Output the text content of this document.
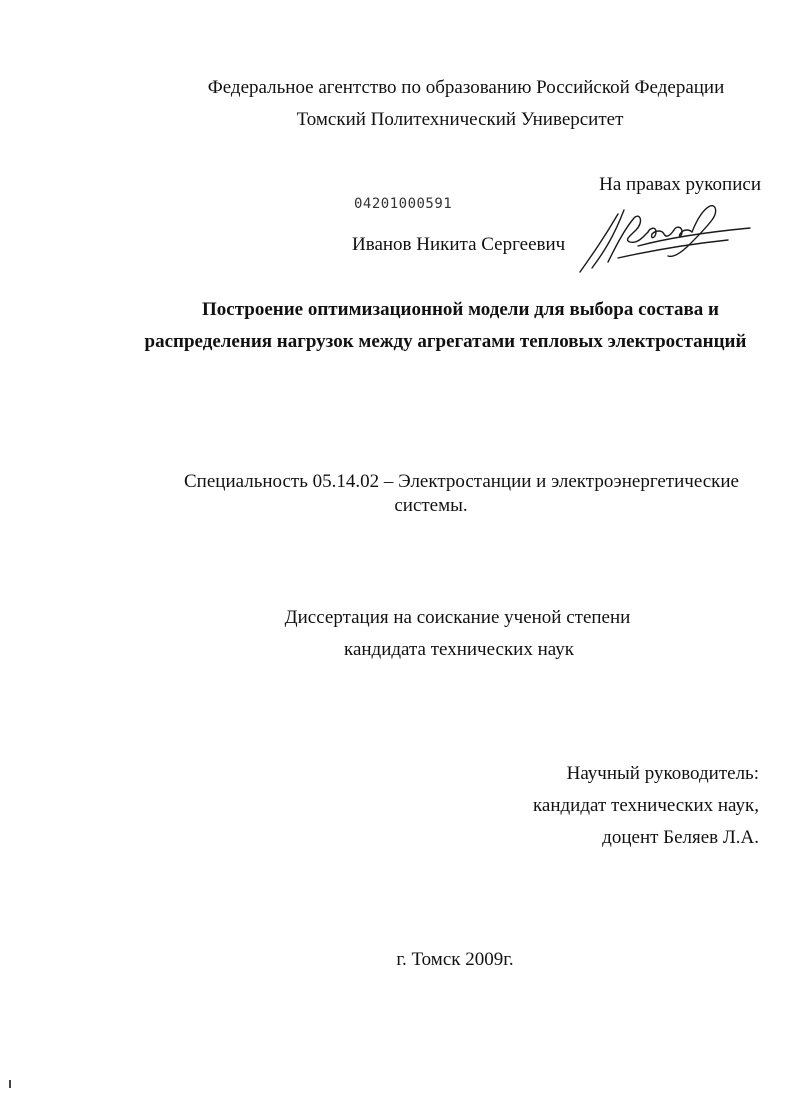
Федеральное агентство по образованию Российской Федерации
Томский Политехнический Университет
На правах рукописи
04201000591
Иванов Никита Сергеевич
Иванов
Построение оптимизационной модели для выбора состава и
распределения нагрузок между агрегатами тепловых электростанций
Специальность 05.14.02 – Электростанции и электроэнергетические
системы.
Диссертация на соискание ученой степени
кандидата технических наук
Научный руководитель:
кандидат технических наук,
доцент Беляев Л.А.
г. Томск 2009г.
